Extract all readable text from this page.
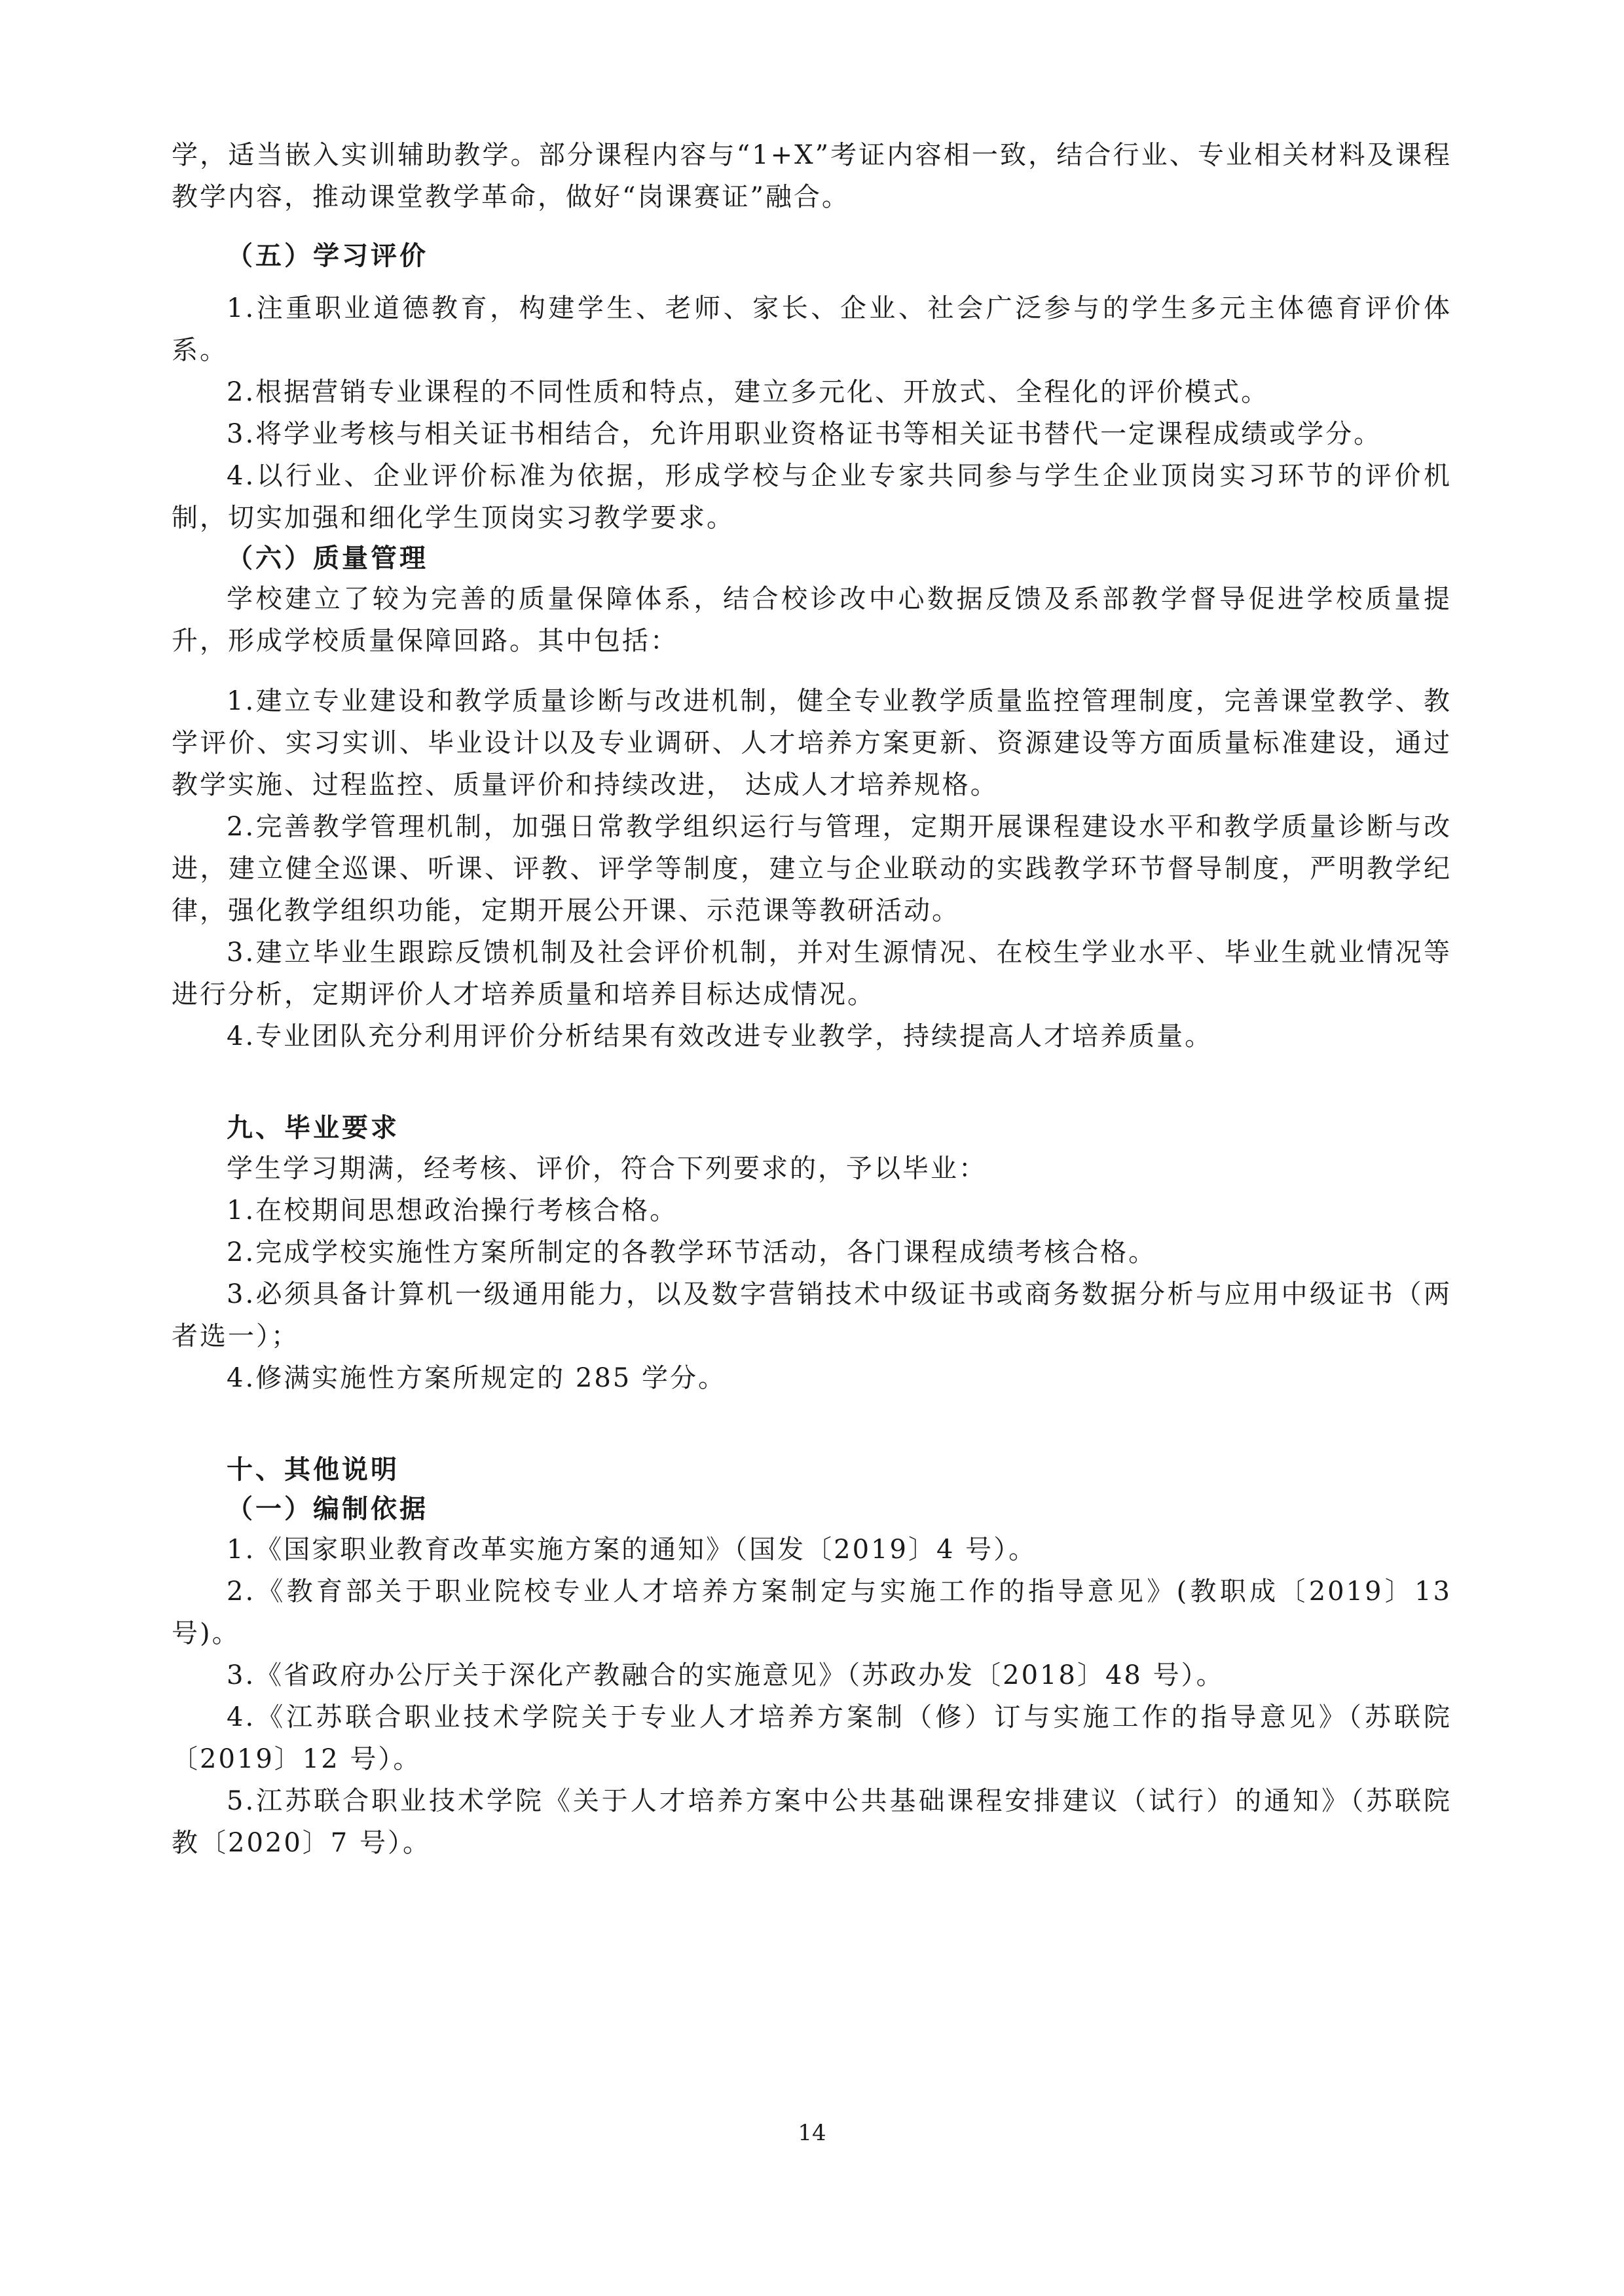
学，适当嵌入实训辅助教学。部分课程内容与“1+X”考证内容相一致，结合行业、专业相关材料及课程教学内容，推动课堂教学革命，做好“岗课赛证”融合。
（五）学习评价
1.注重职业道德教育，构建学生、老师、家长、企业、社会广泛参与的学生多元主体德育评价体系。
2.根据营销专业课程的不同性质和特点，建立多元化、开放式、全程化的评价模式。
3.将学业考核与相关证书相结合，允许用职业资格证书等相关证书替代一定课程成绩或学分。
4.以行业、企业评价标准为依据，形成学校与企业专家共同参与学生企业顶岗实习环节的评价机制，切实加强和细化学生顶岗实习教学要求。
（六）质量管理
学校建立了较为完善的质量保障体系，结合校诊改中心数据反馈及系部教学督导促进学校质量提升，形成学校质量保障回路。其中包括：
1.建立专业建设和教学质量诊断与改进机制，健全专业教学质量监控管理制度，完善课堂教学、教学评价、实习实训、毕业设计以及专业调研、人才培养方案更新、资源建设等方面质量标准建设，通过教学实施、过程监控、质量评价和持续改进， 达成人才培养规格。
2.完善教学管理机制，加强日常教学组织运行与管理，定期开展课程建设水平和教学质量诊断与改进，建立健全巡课、听课、评教、评学等制度，建立与企业联动的实践教学环节督导制度，严明教学纪律，强化教学组织功能，定期开展公开课、示范课等教研活动。
3.建立毕业生跟踪反馈机制及社会评价机制，并对生源情况、在校生学业水平、毕业生就业情况等进行分析，定期评价人才培养质量和培养目标达成情况。
4.专业团队充分利用评价分析结果有效改进专业教学，持续提高人才培养质量。
九、毕业要求
学生学习期满，经考核、评价，符合下列要求的，予以毕业：
1.在校期间思想政治操行考核合格。
2.完成学校实施性方案所制定的各教学环节活动，各门课程成绩考核合格。
3.必须具备计算机一级通用能力，以及数字营销技术中级证书或商务数据分析与应用中级证书（两者选一）；
4.修满实施性方案所规定的 285 学分。
十、其他说明
（一）编制依据
1.《国家职业教育改革实施方案的通知》（国发〔2019〕4 号）。
2.《教育部关于职业院校专业人才培养方案制定与实施工作的指导意见》(教职成〔2019〕13 号)。
3.《省政府办公厅关于深化产教融合的实施意见》（苏政办发〔2018〕48 号）。
4.《江苏联合职业技术学院关于专业人才培养方案制（修）订与实施工作的指导意见》（苏联院〔2019〕12 号）。
5.江苏联合职业技术学院《关于人才培养方案中公共基础课程安排建议（试行）的通知》（苏联院教〔2020〕7 号）。
14
